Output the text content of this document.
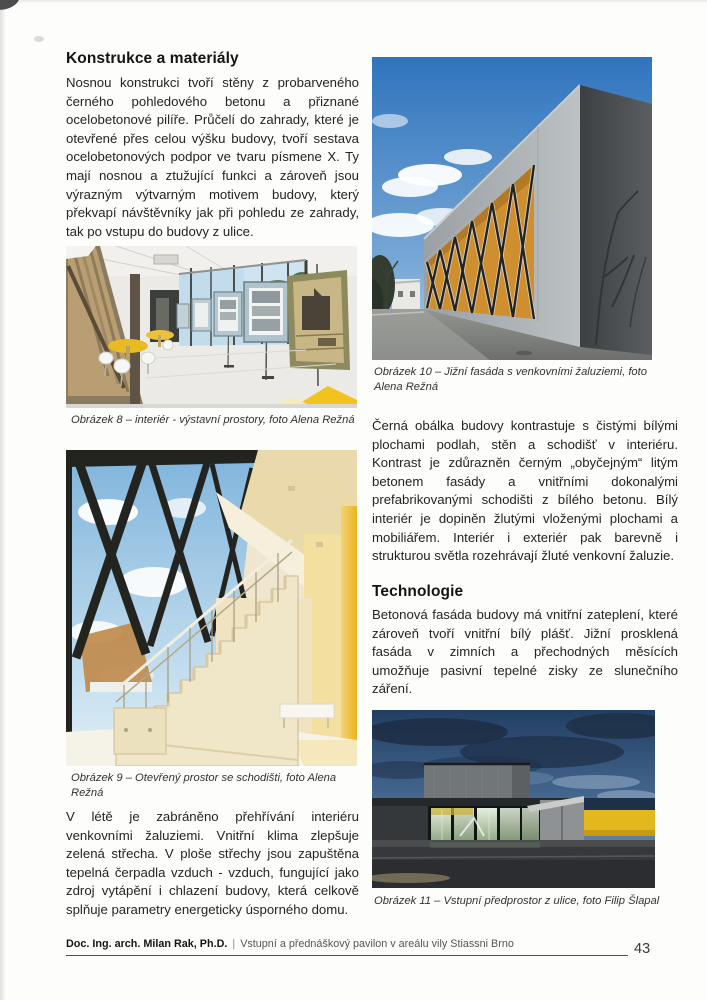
Konstrukce a materiály

Nosnou konstrukci tvoří stěny z probarveného černého pohledového betonu a přiznané ocelobetonové pilíře. Průčelí do zahrady, které je otevřené přes celou výšku budovy, tvoří sestava ocelobetonových podpor ve tvaru písmene X. Ty mají nosnou a ztužující funkci a zároveň jsou výrazným výtvarným motivem budovy, který překvapí návštěvníky jak při pohledu ze zahrady, tak po vstupu do budovy z ulice.

Obrázek 8 – interiér - výstavní prostory, foto Alena Režná
Obrázek 9 – Otevřený prostor se schodišti, foto Alena Režná

V létě je zabráněno přehřívání interiéru venkovními žaluziemi. Vnitřní klima zlepšuje zelená střecha. V ploše střechy jsou zapuštěna tepelná čerpadla vzduch - vzduch, fungující jako zdroj vytápění i chlazení budovy, která celkově splňuje parametry energeticky úsporného domu.

Obrázek 10 – Jižní fasáda s venkovními žaluziemi, foto Alena Režná

Černá obálka budovy kontrastuje s čistými bílými plochami podlah, stěn a schodišť v interiéru. Kontrast je zdůrazněn černým „obyčejným“ litým betonem fasády a vnitřními dokonalými prefabrikovanými schodišti z bílého betonu. Bílý interiér je dopiněn žlutými vloženými plochami a mobiliářem. Interiér i exteriér pak barevně i strukturou světla rozehrávají žluté venkovní žaluzie.

Technologie

Betonová fasáda budovy má vnitřní zateplení, které zároveň tvoří vnitřní bílý plášť. Jižní prosklená fasáda v zimních a přechodných měsících umožňuje pasivní tepelné zisky ze slunečního záření.

Obrázek 11 – Vstupní předprostor z ulice, foto Filip Šlapal
Doc. Ing. arch. Milan Rak, Ph.D. | Vstupní a přednáškový pavilon v areálu vily Stiassni Brno	43
